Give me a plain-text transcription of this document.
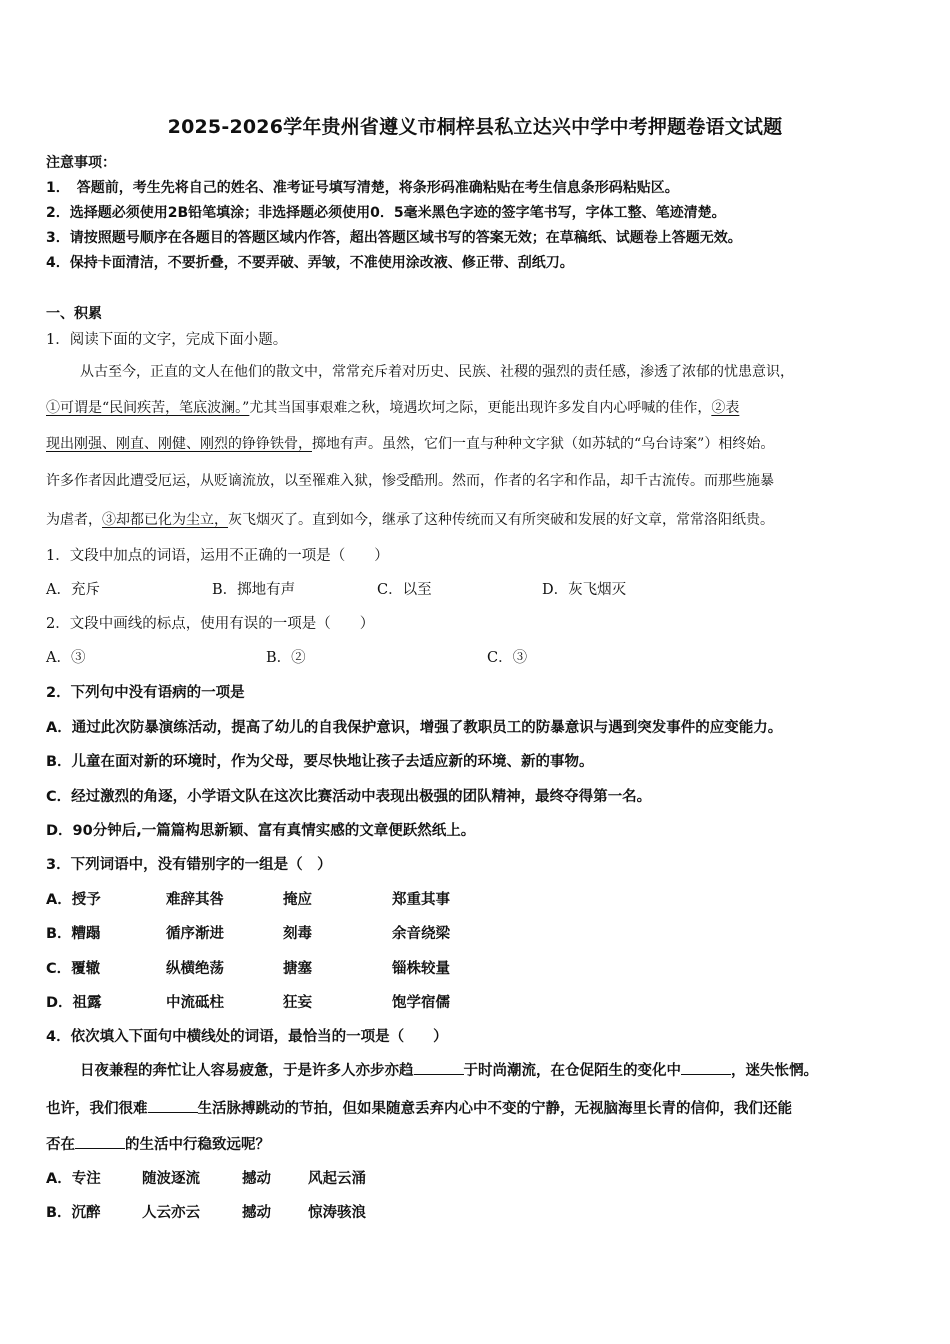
2025-2026学年贵州省遵义市桐梓县私立达兴中学中考押题卷语文试题
注意事项：
1．　答题前，考生先将自己的姓名、准考证号填写清楚，将条形码准确粘贴在考生信息条形码粘贴区。
2．选择题必须使用2B铅笔填涂；非选择题必须使用0．5毫米黑色字迹的签字笔书写，字体工整、笔迹清楚。
3．请按照题号顺序在各题目的答题区域内作答，超出答题区域书写的答案无效；在草稿纸、试题卷上答题无效。
4．保持卡面清洁，不要折叠，不要弄破、弄皱，不准使用涂改液、修正带、刮纸刀。
一、积累
1．阅读下面的文字，完成下面小题。
从古至今，正直的文人在他们的散文中，常常充斥着对历史、民族、社稷的强烈的责任感，渗透了浓郁的忧患意识，
①可谓是“民间疾苦，笔底波澜。”尤其当国事艰难之秋，境遇坎坷之际，更能出现许多发自内心呼喊的佳作，②表
现出刚强、刚直、刚健、刚烈的铮铮铁骨，掷地有声。虽然，它们一直与种种文字狱（如苏轼的“乌台诗案”）相终始。
许多作者因此遭受厄运，从贬谪流放，以至罹难入狱，惨受酷刑。然而，作者的名字和作品，却千古流传。而那些施暴
为虐者，③却都已化为尘立，灰飞烟灭了。直到如今，继承了这种传统而又有所突破和发展的好文章，常常洛阳纸贵。
1．文段中加点的词语，运用不正确的一项是（　　）
A．充斥	B．掷地有声	C．以至	D．灰飞烟灭
2．文段中画线的标点，使用有误的一项是（　　）
A．③	B．②	C．③
2．下列句中没有语病的一项是
A．通过此次防暴演练活动，提高了幼儿的自我保护意识，增强了教职员工的防暴意识与遇到突发事件的应变能力。
B．儿童在面对新的环境时，作为父母，要尽快地让孩子去适应新的环境、新的事物。
C．经过激烈的角逐，小学语文队在这次比赛活动中表现出极强的团队精神，最终夺得第一名。
D．90分钟后,一篇篇构思新颖、富有真情实感的文章便跃然纸上。
3．下列词语中，没有错别字的一组是（　）
A．授予	难辞其咎	掩应	郑重其事
B．糟蹋	循序渐进	刻毒	余音绕梁
C．覆辙	纵横绝荡	搪塞	锱株较量
D．祖露	中流砥柱	狂妄	饱学宿儒
4．依次填入下面句中横线处的词语，最恰当的一项是（　　）
日夜兼程的奔忙让人容易疲惫，于是许多人亦步亦趋	于时尚潮流，在仓促陌生的变化中	，迷失怅惘。
也许，我们很难	生活脉搏跳动的节拍，但如果随意丢弃内心中不变的宁静，无视脑海里长青的信仰，我们还能
否在	的生活中行稳致远呢？
A．专注	随波逐流	撼动	风起云涌
B．沉醉	人云亦云	撼动	惊涛骇浪
